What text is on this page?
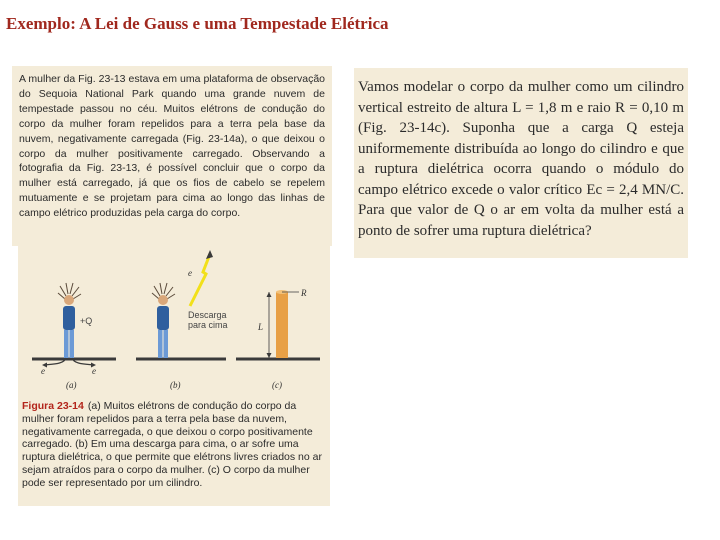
Exemplo: A Lei de Gauss e uma Tempestade Elétrica

A mulher da Fig. 23-13 estava em uma plataforma de observação do Sequoia National Park quando uma grande nuvem de tempestade passou no céu. Muitos elétrons de condução do corpo da mulher foram repelidos para a terra pela base da nuvem, negativamente carregada (Fig. 23-14a), o que deixou o corpo da mulher positivamente carregado. Observando a fotografia da Fig. 23-13, é possível concluir que o corpo da mulher está carregado, já que os fios de cabelo se repelem mutuamente e se projetam para cima ao longo das linhas de campo elétrico produzidas pela carga do corpo.

Vamos modelar o corpo da mulher como um cilindro vertical estreito de altura L = 1,8 m e raio R = 0,10 m (Fig. 23-14c). Suponha que a carga Q esteja uniformemente distribuída ao longo do cilindro e que a ruptura dielétrica ocorra quando o módulo do campo elétrico excede o valor crítico Ec = 2,4 MN/C. Para que valor de Q o ar em volta da mulher está a ponto de sofrer uma ruptura dielétrica?

+Q
e	e
(a)
e
Descarga
para cima
(b)
R
L
(c)

Figura 23-14 (a) Muitos elétrons de condução do corpo da mulher foram repelidos para a terra pela base da nuvem, negativamente carregada, o que deixou o corpo positivamente carregado. (b) Em uma descarga para cima, o ar sofre uma ruptura dielétrica, o que permite que elétrons livres criados no ar sejam atraídos para o corpo da mulher. (c) O corpo da mulher pode ser representado por um cilindro.
